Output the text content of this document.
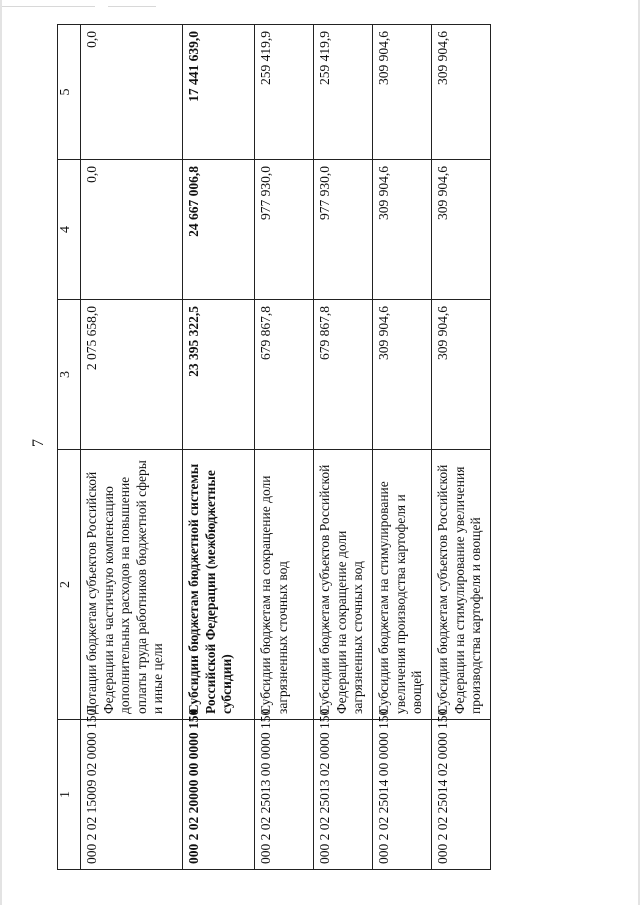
7
1	2	3	4	5
000 2 02 15009 02 0000 150	Дотации бюджетам субъектов Российской Федерации на частичную компенсацию дополнительных расходов на повышение оплаты труда работников бюджетной сферы и иные цели	2 075 658,0	0,0	0,0
000 2 02 20000 00 0000 150	Субсидии бюджетам бюджетной системы Российской Федерации (межбюджетные субсидии)	23 395 322,5	24 667 006,8	17 441 639,0
000 2 02 25013 00 0000 150	Субсидии бюджетам на сокращение доли загрязненных сточных вод	679 867,8	977 930,0	259 419,9
000 2 02 25013 02 0000 150	Субсидии бюджетам субъектов Российской Федерации на сокращение доли загрязненных сточных вод	679 867,8	977 930,0	259 419,9
000 2 02 25014 00 0000 150	Субсидии бюджетам на стимулирование увеличения производства картофеля и овощей	309 904,6	309 904,6	309 904,6
000 2 02 25014 02 0000 150	Субсидии бюджетам субъектов Российской Федерации на стимулирование увеличения производства картофеля и овощей	309 904,6	309 904,6	309 904,6
